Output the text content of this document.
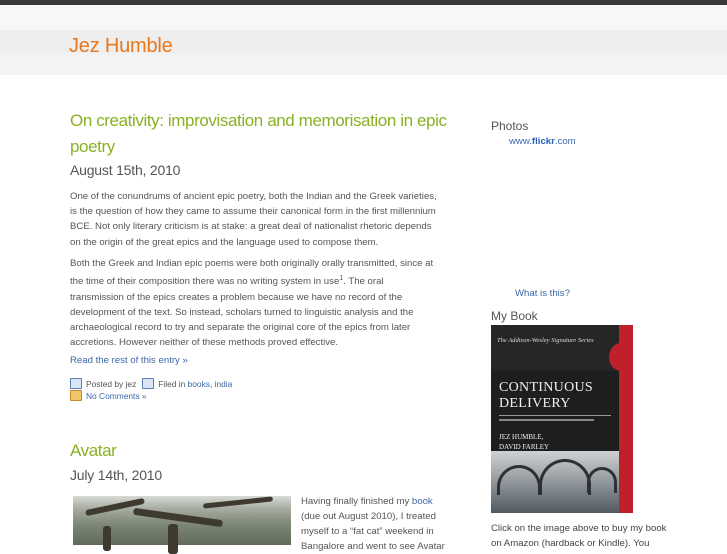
Jez Humble
On creativity: improvisation and memorisation in epic poetry
August 15th, 2010
One of the conundrums of ancient epic poetry, both the Indian and the Greek varieties,
is the question of how they came to assume their canonical form in the first millennium
BCE. Not only literary criticism is at stake: a great deal of nationalist rhetoric depends
on the origin of the great epics and the language used to compose them.
Both the Greek and Indian epic poems were both originally orally transmitted, since at
the time of their composition there was no writing system in use$^1$. The oral
transmission of the epics creates a problem because we have no record of the
development of the text. So instead, scholars turned to linguistic analysis and the
archaeological record to try and separate the original core of the epics from later
accretions. However neither of these methods proved effective.
Read the rest of this entry »
Posted by jez	Filed in books, india
No Comments »
Avatar
July 14th, 2010
Having finally finished my book
(due out August 2010), I treated
myself to a “fat cat” weekend in
Bangalore and went to see Avatar
Photos
www.flickr.com
What is this?
My Book
The Addison-Wesley Signature Series
CONTINUOUS
DELIVERY
JEZ HUMBLE,
DAVID FARLEY
Click on the image above to buy my book
on Amazon (hardback or Kindle). You
